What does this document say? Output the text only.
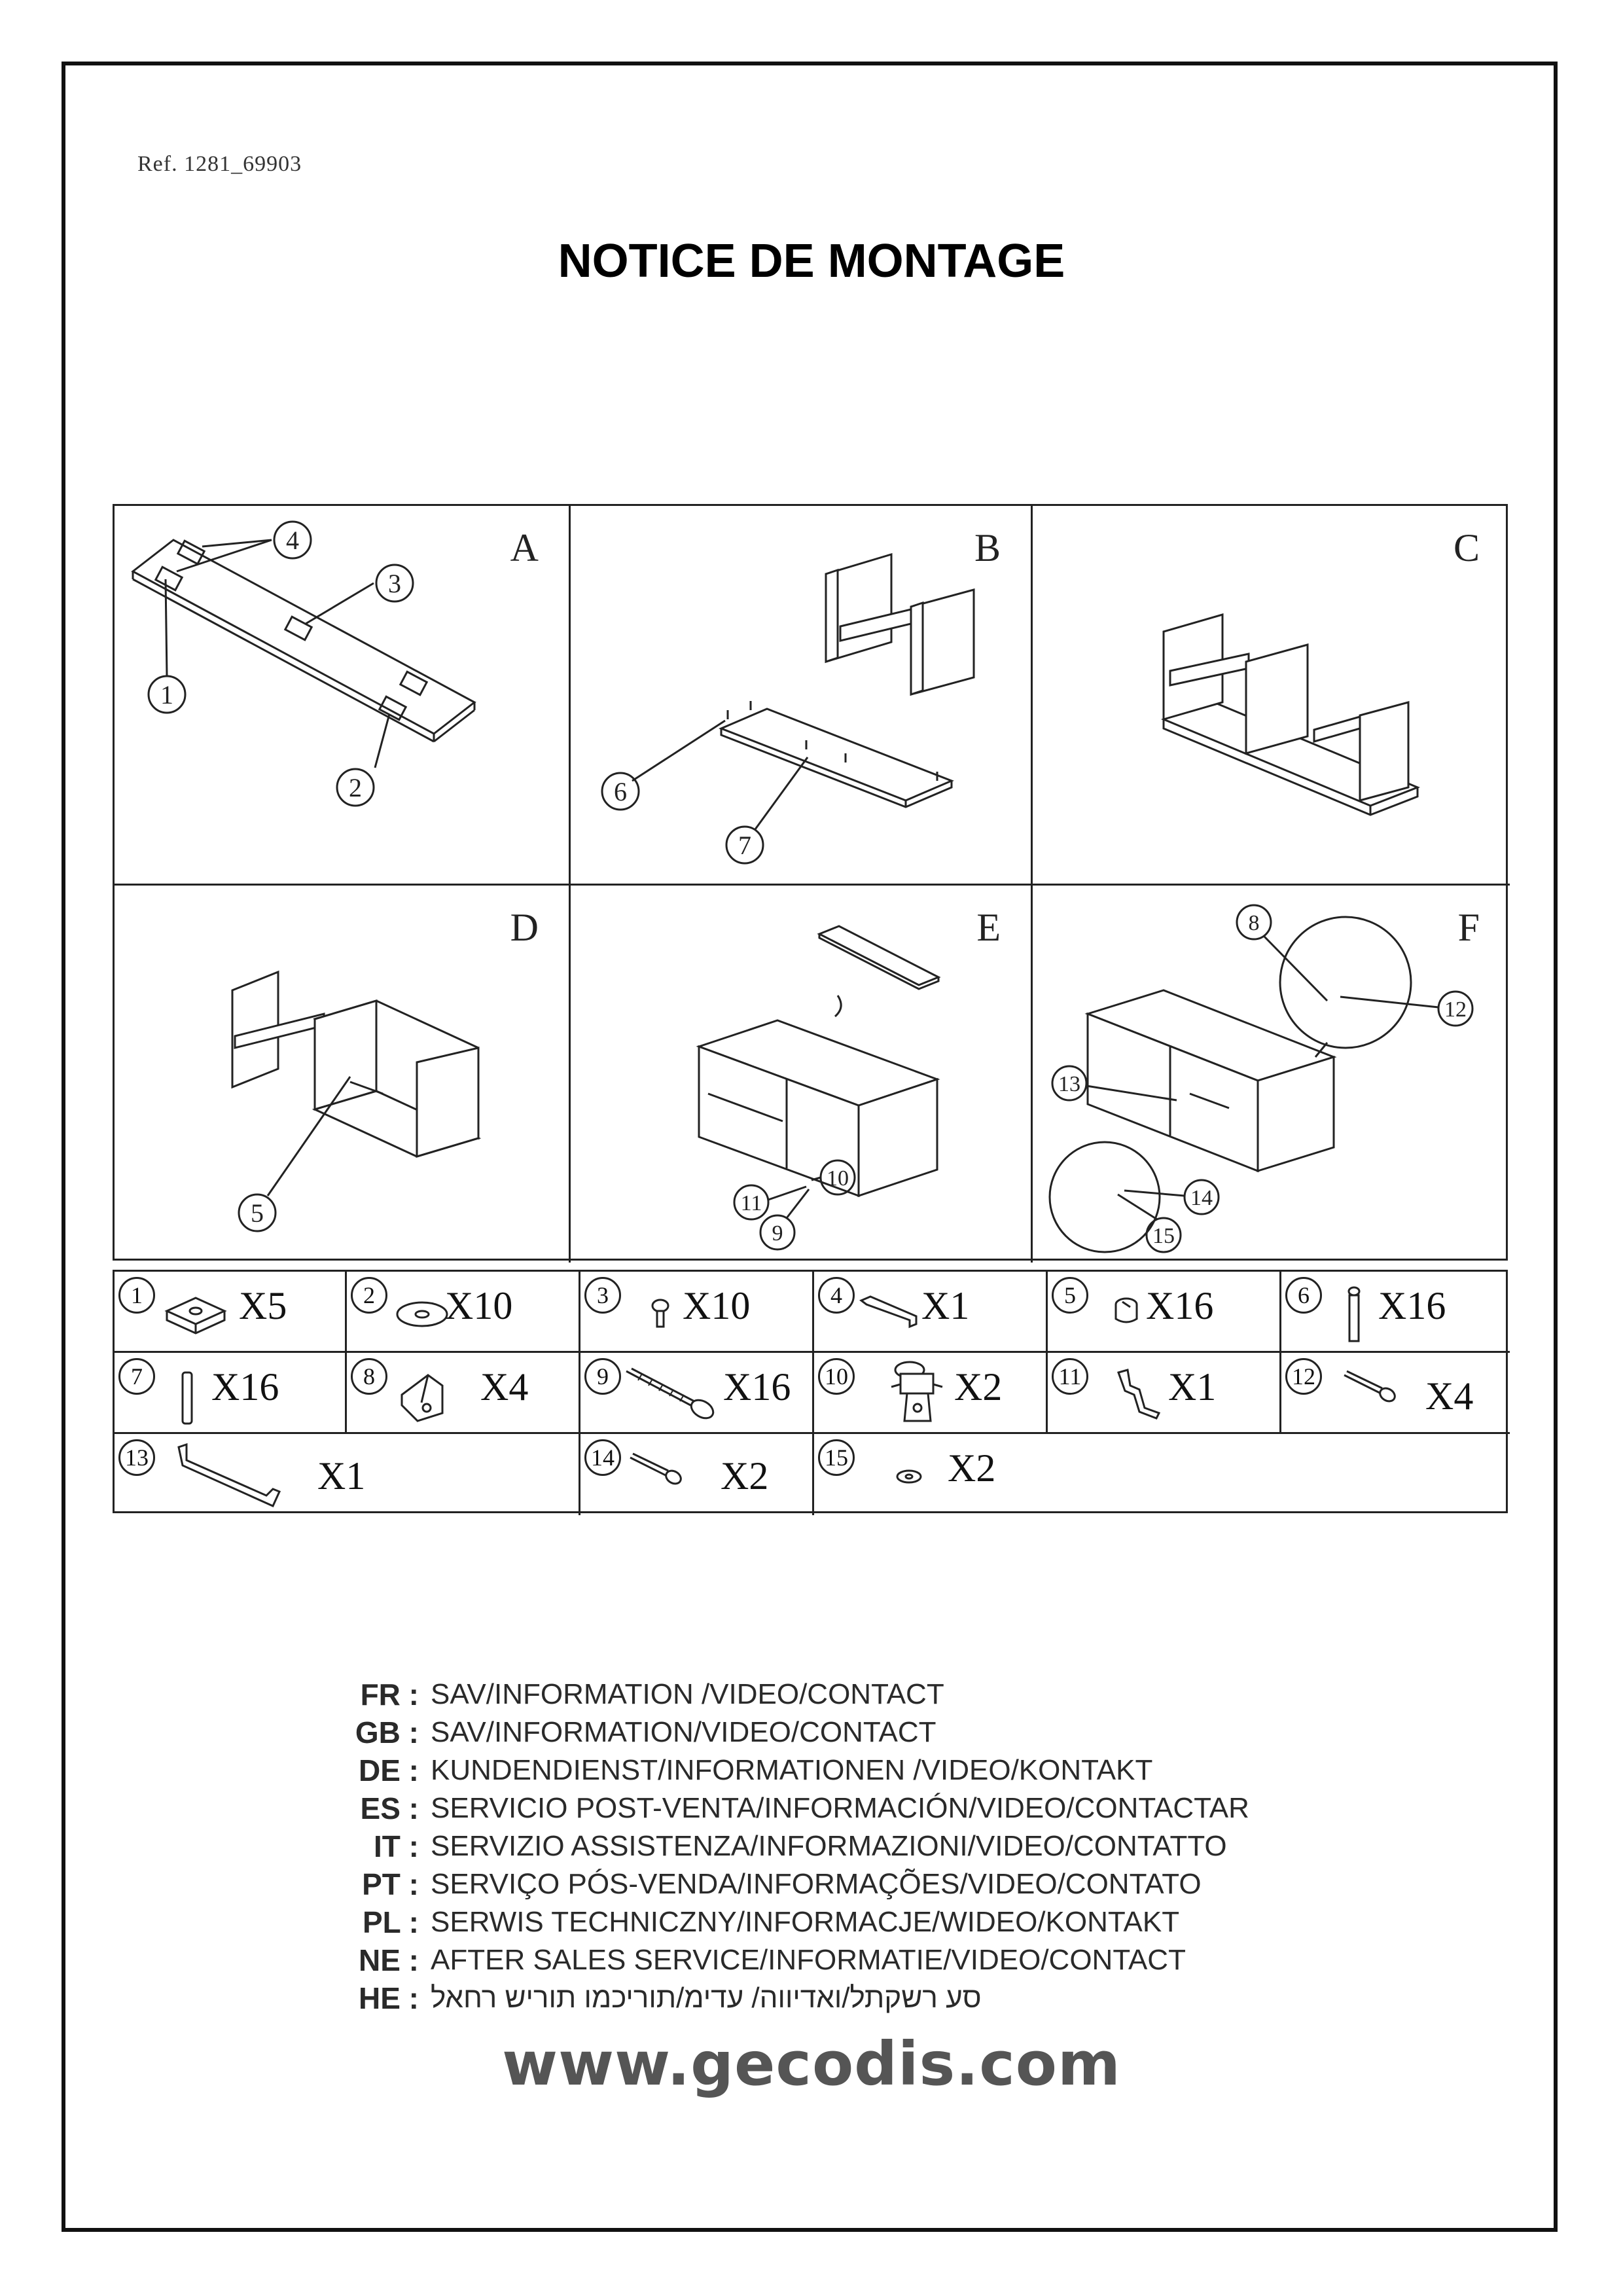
Ref. 1281_69903
NOTICE DE MONTAGE
4
3
1
2
A
6
7
B	C
5
D
11
10
9
E	8
12
13
14
15
F
1	X5	2	X10	3	X10	4	X1	5	X16	6	X16
7	X16	8	X4	9	X16 10	X2 11 X1	12	X4
13	X1	14	X2 15	X2
FR : SAV/INFORMATION /VIDEO/CONTACT
GB : SAV/INFORMATION/VIDEO/CONTACT
DE : KUNDENDIENST/INFORMATIONEN /VIDEO/KONTAKT
ES : SERVICIO POST-VENTA/INFORMACIÓN/VIDEO/CONTACTAR
IT : SERVIZIO ASSISTENZA/INFORMAZIONI/VIDEO/CONTATTO
PT : SERVIÇO PÓS-VENDA/INFORMAÇÕES/VIDEO/CONTATO
PL : SERWIS TECHNICZNY/INFORMACJE/WIDEO/KONTAKT
NE : AFTER SALES SERVICE/INFORMATIE/VIDEO/CONTACT
HE : סע רשקתל/ואדיווה/ עדימ/תוריכמו תוריש רחאל
www.gecodis.com
